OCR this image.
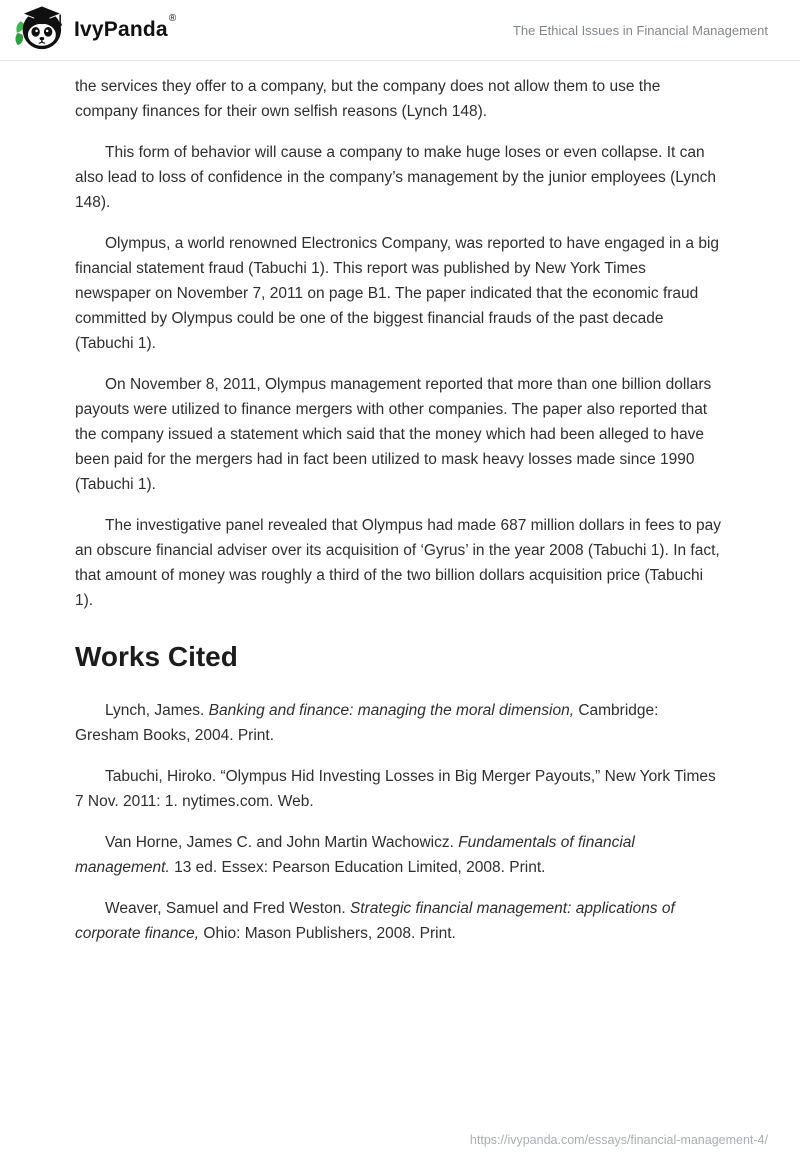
IvyPanda®
The Ethical Issues in Financial Management

the services they offer to a company, but the company does not allow them to use the company finances for their own selfish reasons (Lynch 148).

This form of behavior will cause a company to make huge loses or even collapse. It can also lead to loss of confidence in the company’s management by the junior employees (Lynch 148).

Olympus, a world renowned Electronics Company, was reported to have engaged in a big financial statement fraud (Tabuchi 1). This report was published by New York Times newspaper on November 7, 2011 on page B1. The paper indicated that the economic fraud committed by Olympus could be one of the biggest financial frauds of the past decade (Tabuchi 1).

On November 8, 2011, Olympus management reported that more than one billion dollars payouts were utilized to finance mergers with other companies. The paper also reported that the company issued a statement which said that the money which had been alleged to have been paid for the mergers had in fact been utilized to mask heavy losses made since 1990 (Tabuchi 1).

The investigative panel revealed that Olympus had made 687 million dollars in fees to pay an obscure financial adviser over its acquisition of ‘Gyrus’ in the year 2008 (Tabuchi 1). In fact, that amount of money was roughly a third of the two billion dollars acquisition price (Tabuchi 1).

Works Cited

Lynch, James. Banking and finance: managing the moral dimension, Cambridge: Gresham Books, 2004. Print.

Tabuchi, Hiroko. “Olympus Hid Investing Losses in Big Merger Payouts,” New York Times 7 Nov. 2011: 1. nytimes.com. Web.

Van Horne, James C. and John Martin Wachowicz. Fundamentals of financial management. 13 ed. Essex: Pearson Education Limited, 2008. Print.

Weaver, Samuel and Fred Weston. Strategic financial management: applications of corporate finance, Ohio: Mason Publishers, 2008. Print.

https://ivypanda.com/essays/financial-management-4/
